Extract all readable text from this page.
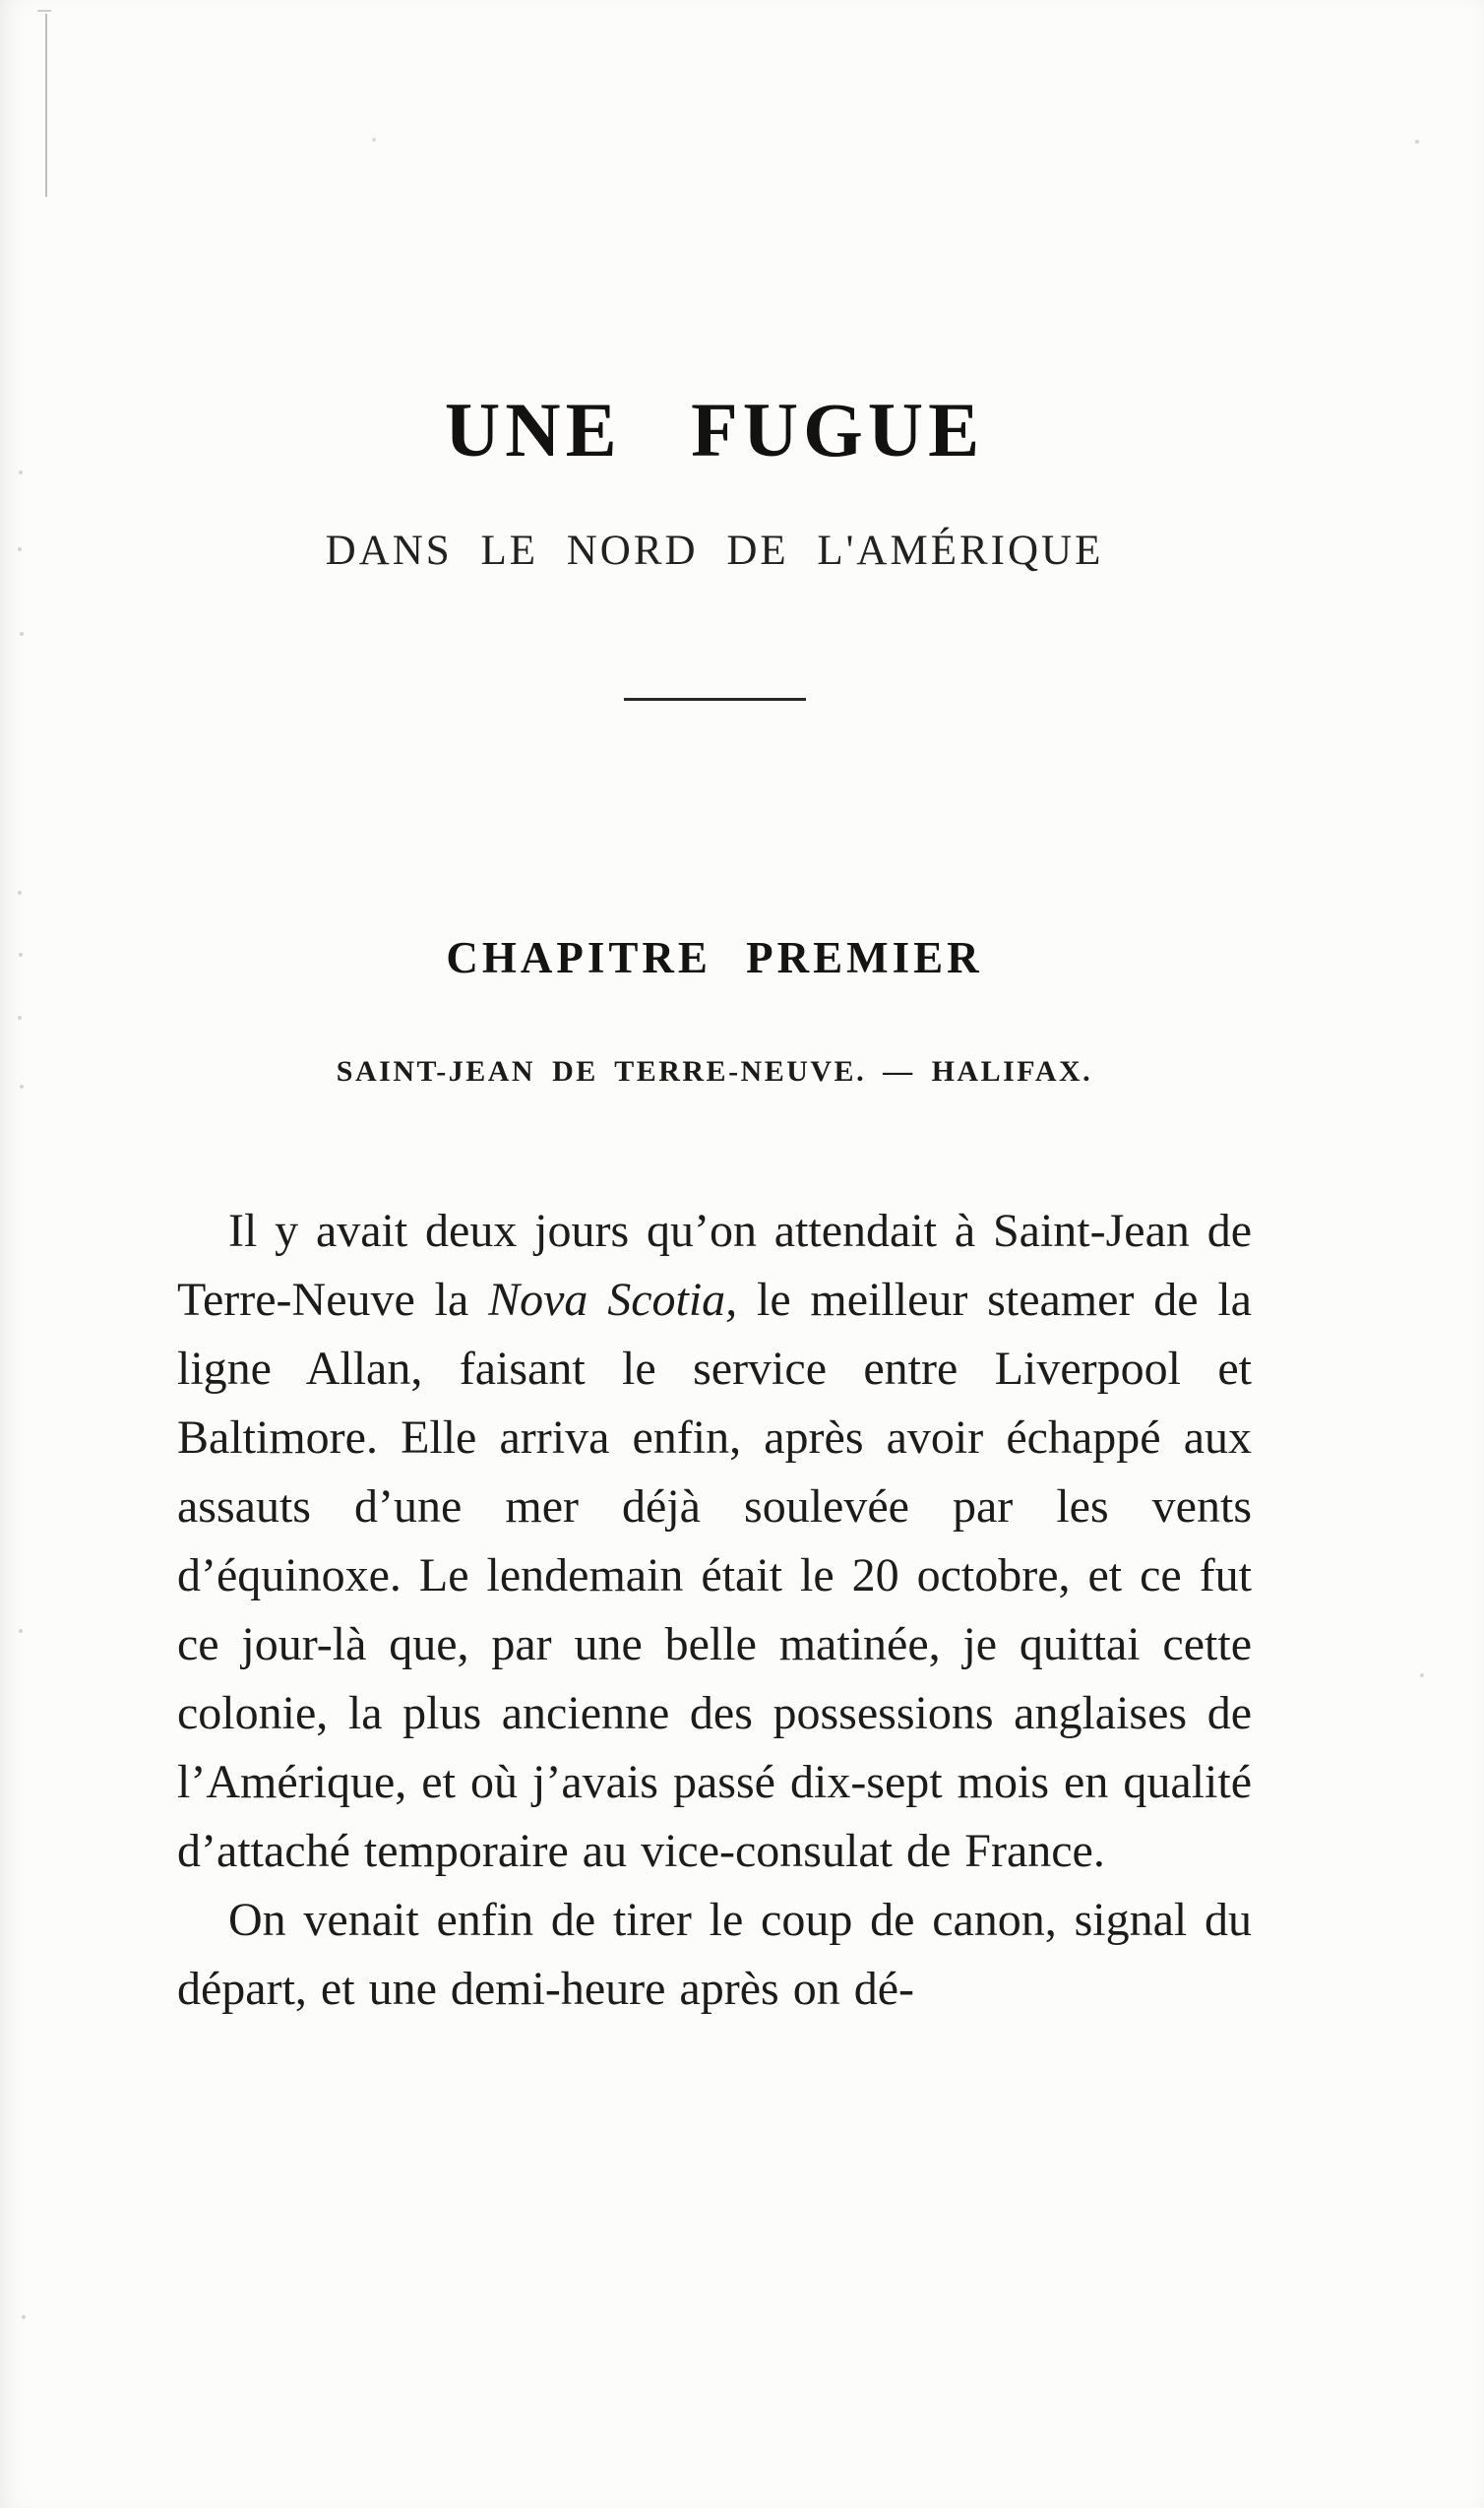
UNE FUGUE
DANS LE NORD DE L'AMÉRIQUE
CHAPITRE PREMIER
SAINT-JEAN DE TERRE-NEUVE. — HALIFAX.

Il y avait deux jours qu’on attendait à Saint-Jean de Terre-Neuve la Nova Scotia, le meilleur steamer de la ligne Allan, faisant le service entre Liverpool et Baltimore. Elle arriva enfin, après avoir échappé aux assauts d’une mer déjà soulevée par les vents d’équinoxe. Le lendemain était le 20 octobre, et ce fut ce jour-là que, par une belle matinée, je quittai cette colonie, la plus ancienne des possessions anglaises de l’Amérique, et où j’avais passé dix-sept mois en qualité d’attaché temporaire au vice-consulat de France.

On venait enfin de tirer le coup de canon, signal du départ, et une demi-heure après on dé-
